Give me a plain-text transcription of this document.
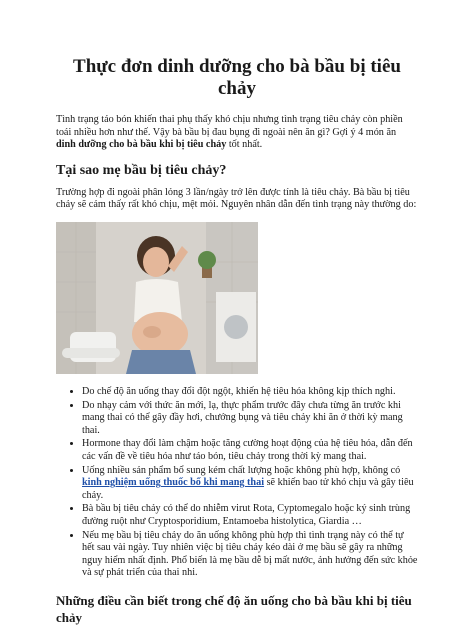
Thực đơn dinh dưỡng cho bà bầu bị tiêu chảy

Tình trạng táo bón khiến thai phụ thấy khó chịu nhưng tình trạng tiêu chảy còn phiền toái nhiều hơn như thế. Vậy bà bầu bị đau bụng đi ngoài nên ăn gì? Gợi ý 4 món ăn dinh dưỡng cho bà bầu khi bị tiêu chảy tốt nhất.

Tại sao mẹ bầu bị tiêu chảy?

Trường hợp đi ngoài phân lỏng 3 lần/ngày trở lên được tính là tiêu chảy. Bà bầu bị tiêu chảy sẽ cảm thấy rất khó chịu, mệt mỏi. Nguyên nhân dẫn đến tình trạng này thường do:

• Do chế độ ăn uống thay đổi đột ngột, khiến hệ tiêu hóa không kịp thích nghi.
• Do nhạy cảm với thức ăn mới, lạ, thực phẩm trước đây chưa từng ăn trước khi mang thai có thể gây đầy hơi, chướng bụng và tiêu chảy khi ăn ở thời kỳ mang thai.
• Hormone thay đổi làm chậm hoặc tăng cường hoạt động của hệ tiêu hóa, dẫn đến các vấn đề về tiêu hóa như táo bón, tiêu chảy trong thời kỳ mang thai.
• Uống nhiều sản phẩm bổ sung kém chất lượng hoặc không phù hợp, không có kinh nghiệm uống thuốc bổ khi mang thai sẽ khiến bao tử khó chịu và gây tiêu chảy.
• Bà bầu bị tiêu chảy có thể do nhiễm virut Rota, Cyptomegalo hoặc ký sinh trùng đường ruột như Cryptosporidium, Entamoeba histolytica, Giardia …
• Nếu mẹ bầu bị tiêu chảy do ăn uống không phù hợp thì tình trạng này có thể tự hết sau vài ngày. Tuy nhiên việc bị tiêu chảy kéo dài ở mẹ bầu sẽ gây ra những nguy hiểm nhất định. Phổ biến là mẹ bầu dễ bị mất nước, ảnh hưởng đến sức khỏe và sự phát triển của thai nhi.
Những điều cần biết trong chế độ ăn uống cho bà bầu khi bị tiêu chảy
